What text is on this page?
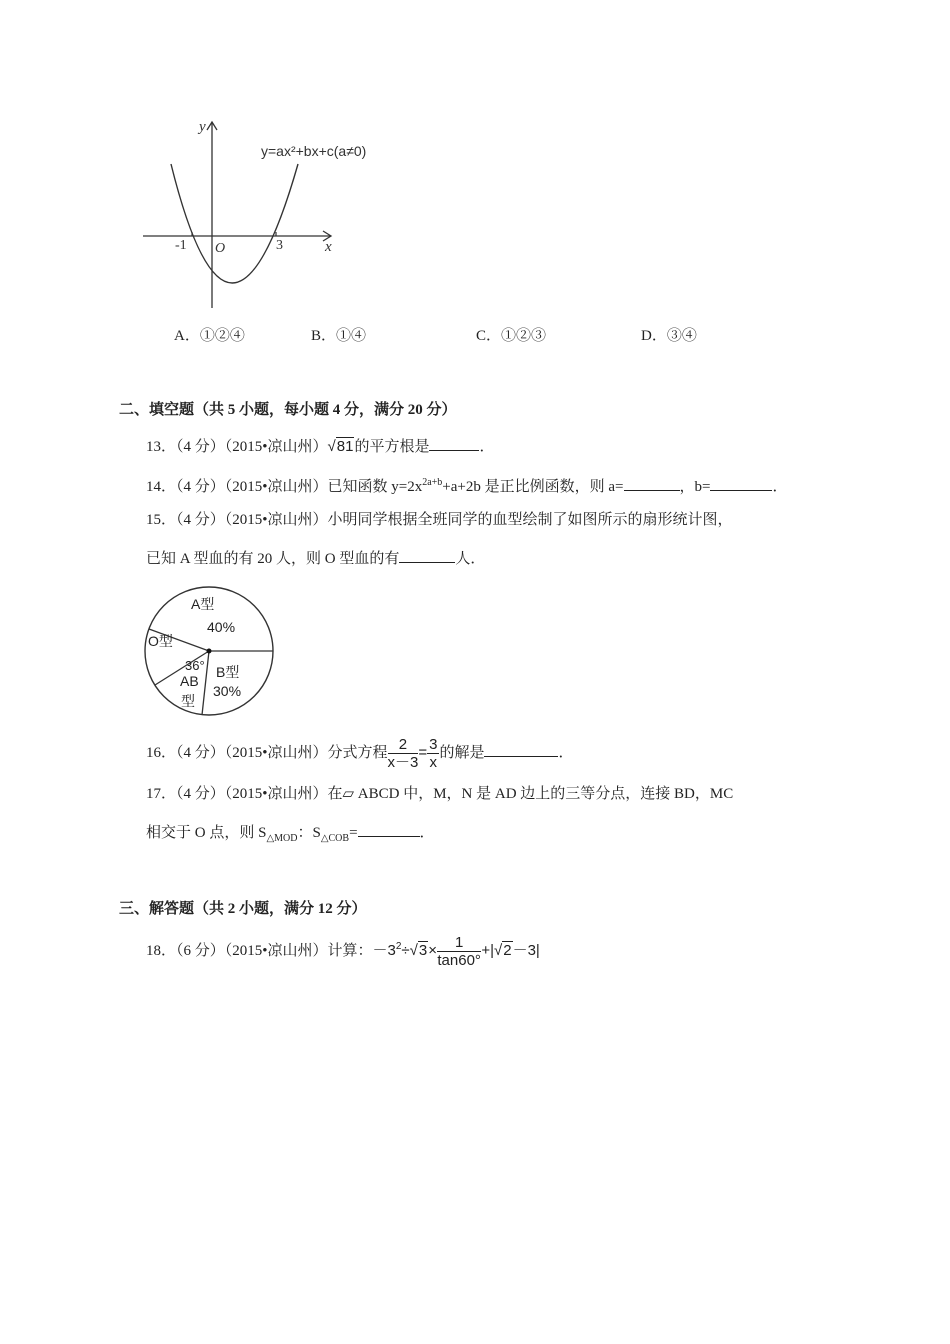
y
x
O
-1	3
y=ax²+bx+c(a≠0)
A．①②④	B．①④	C．①②③	D．③④
二、填空题（共 5 小题，每小题 4 分，满分 20 分）
13．（4 分）（2015•凉山州）√81的平方根是	．
14．（4 分）（2015•凉山州）已知函数 $y=2x^{2a+b}+a+2b$ 是正比例函数，则 a=	，b=	．
15．（4 分）（2015•凉山州）小明同学根据全班同学的血型绘制了如图所示的扇形统计图，
已知 A 型血的有 20 人，则 O 型血的有	人．
A型
40%
O型
36°
AB
型
B型
30%
16．（4 分）（2015•凉山州）分式方程 $\frac{2}{x-3} = \frac{3}{x}$ 的解是	．
17．（4 分）（2015•凉山州）在▱ ABCD 中，M，N 是 AD 边上的三等分点，连接 BD，MC
相交于 O 点，则 $S_{\triangle MOD}$：$S_{\triangle COB}=$	．
三、解答题（共 2 小题，满分 12 分）
18．（6 分）（2015•凉山州）计算：$-3^2\div√3\times \frac{1}{\tan 60^\circ} +|√2-3|$
